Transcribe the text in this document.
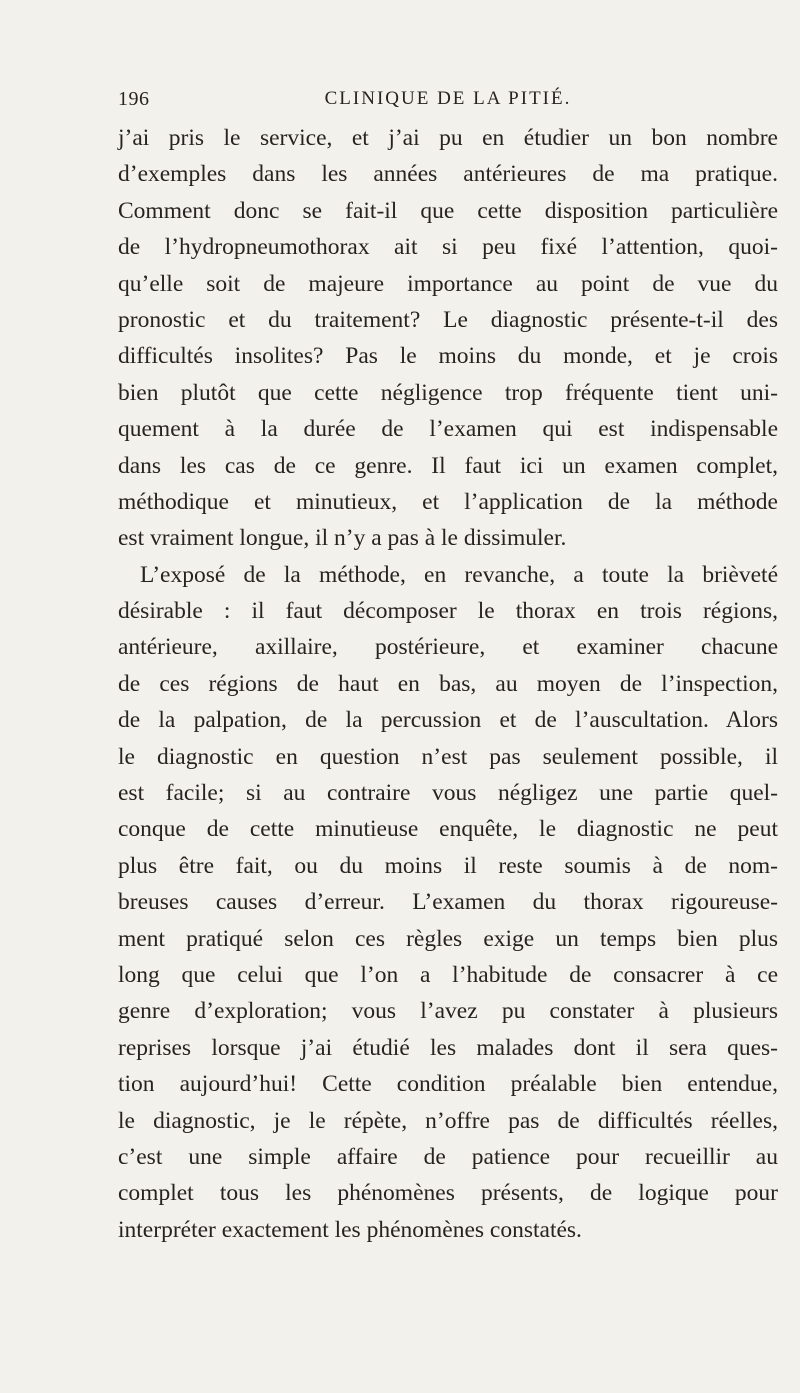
196	CLINIQUE DE LA PITIÉ.
j’ai pris le service, et j’ai pu en étudier un bon nombre
d’exemples dans les années antérieures de ma pratique.
Comment donc se fait-il que cette disposition particulière
de l’hydropneumothorax ait si peu fixé l’attention, quoi-
qu’elle soit de majeure importance au point de vue du
pronostic et du traitement? Le diagnostic présente-t-il des
difficultés insolites? Pas le moins du monde, et je crois
bien plutôt que cette négligence trop fréquente tient uni-
quement à la durée de l’examen qui est indispensable
dans les cas de ce genre. Il faut ici un examen complet,
méthodique et minutieux, et l’application de la méthode
est vraiment longue, il n’y a pas à le dissimuler.
L’exposé de la méthode, en revanche, a toute la brièveté
désirable : il faut décomposer le thorax en trois régions,
antérieure, axillaire, postérieure, et examiner chacune
de ces régions de haut en bas, au moyen de l’inspection,
de la palpation, de la percussion et de l’auscultation. Alors
le diagnostic en question n’est pas seulement possible, il
est facile; si au contraire vous négligez une partie quel-
conque de cette minutieuse enquête, le diagnostic ne peut
plus être fait, ou du moins il reste soumis à de nom-
breuses causes d’erreur. L’examen du thorax rigoureuse-
ment pratiqué selon ces règles exige un temps bien plus
long que celui que l’on a l’habitude de consacrer à ce
genre d’exploration; vous l’avez pu constater à plusieurs
reprises lorsque j’ai étudié les malades dont il sera ques-
tion aujourd’hui! Cette condition préalable bien entendue,
le diagnostic, je le répète, n’offre pas de difficultés réelles,
c’est une simple affaire de patience pour recueillir au
complet tous les phénomènes présents, de logique pour
interpréter exactement les phénomènes constatés.
